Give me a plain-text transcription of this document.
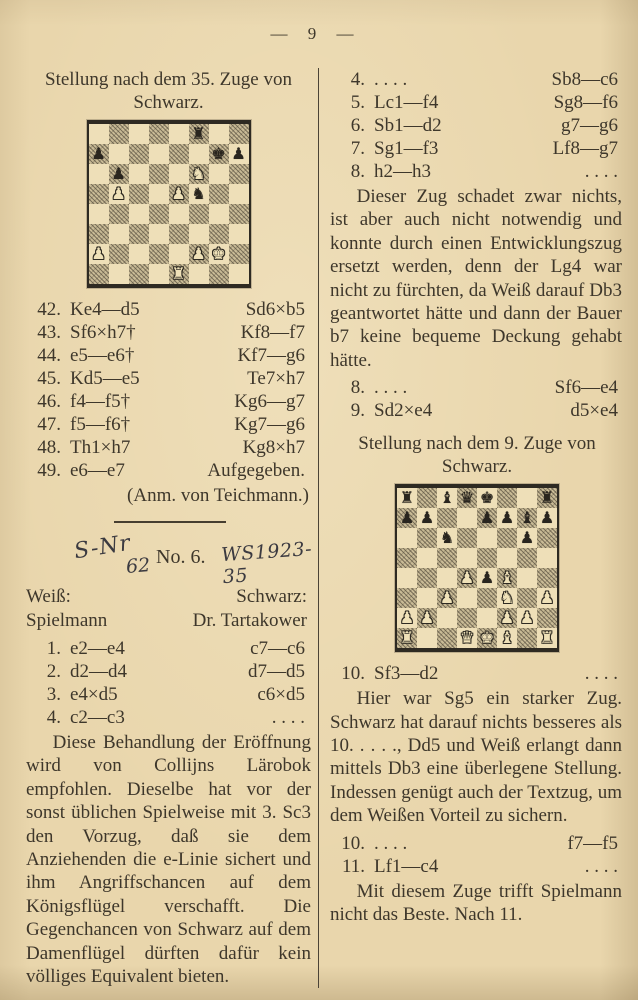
— 9 —
Stellung nach dem 35. Zuge von Schwarz.
♜
♟	♚ ♟
♟	♞
♟	♟ ♞
♟	♟ ♚
♜
42. Ke4—d5	Sd6×b5
43. Sf6×h7†	Kf8—f7
44. e5—e6†	Kf7—g6
45. Kd5—e5	Te7×h7
46. f4—f5†	Kg6—g7
47. f5—f6†	Kg7—g6
48. Th1×h7	Kg8×h7
49. e6—e7	Aufgegeben.
(Anm. von Teichmann.)
S-Nr
62 No. 6. WS1923-35
Weiß:	Schwarz:
Spielmann	Dr. Tartakower
1. e2—e4	c7—c6
2. d2—d4	d7—d5
3. e4×d5	c6×d5
4. c2—c3	. . . .

Diese Behandlung der Eröffnung wird von Collijns Lärobok empfohlen. Dieselbe hat vor der sonst üblichen Spielweise mit 3. Sc3 den Vorzug, daß sie dem Anziehenden die e-Linie sichert und ihm Angriffschancen auf dem Königsflügel verschafft. Die Gegenchancen von Schwarz auf dem Damenflügel dürften dafür kein völliges Equivalent bieten.

4. . . . .	Sb8—c6
5. Lc1—f4	Sg8—f6
6. Sb1—d2	g7—g6
7. Sg1—f3	Lf8—g7
8. h2—h3	. . . .

Dieser Zug schadet zwar nichts, ist aber auch nicht notwendig und konnte durch einen Entwicklungszug ersetzt werden, denn der Lg4 war nicht zu fürchten, da Weiß darauf Db3 geantwortet hätte und dann der Bauer b7 keine bequeme Deckung gehabt hätte.

8. . . . .	Sf6—e4
9. Sd2×e4	d5×e4
Stellung nach dem 9. Zuge von Schwarz.
♜ ♝ ♛ ♚	♜
♟ ♟	♟ ♟ ♝ ♟
♞	♟
♟ ♟ ♝
♟	♞ ♟
♟ ♟	♟ ♟
♜	♛ ♚ ♝ ♜
10. Sf3—d2	. . . .

Hier war Sg5 ein starker Zug. Schwarz hat darauf nichts besseres als 10. . . . ., Dd5 und Weiß erlangt dann mittels Db3 eine überlegene Stellung. Indessen genügt auch der Textzug, um dem Weißen Vorteil zu sichern.

10. . . . .	f7—f5
11. Lf1—c4	. . . .

Mit diesem Zuge trifft Spielmann nicht das Beste. Nach 11.
